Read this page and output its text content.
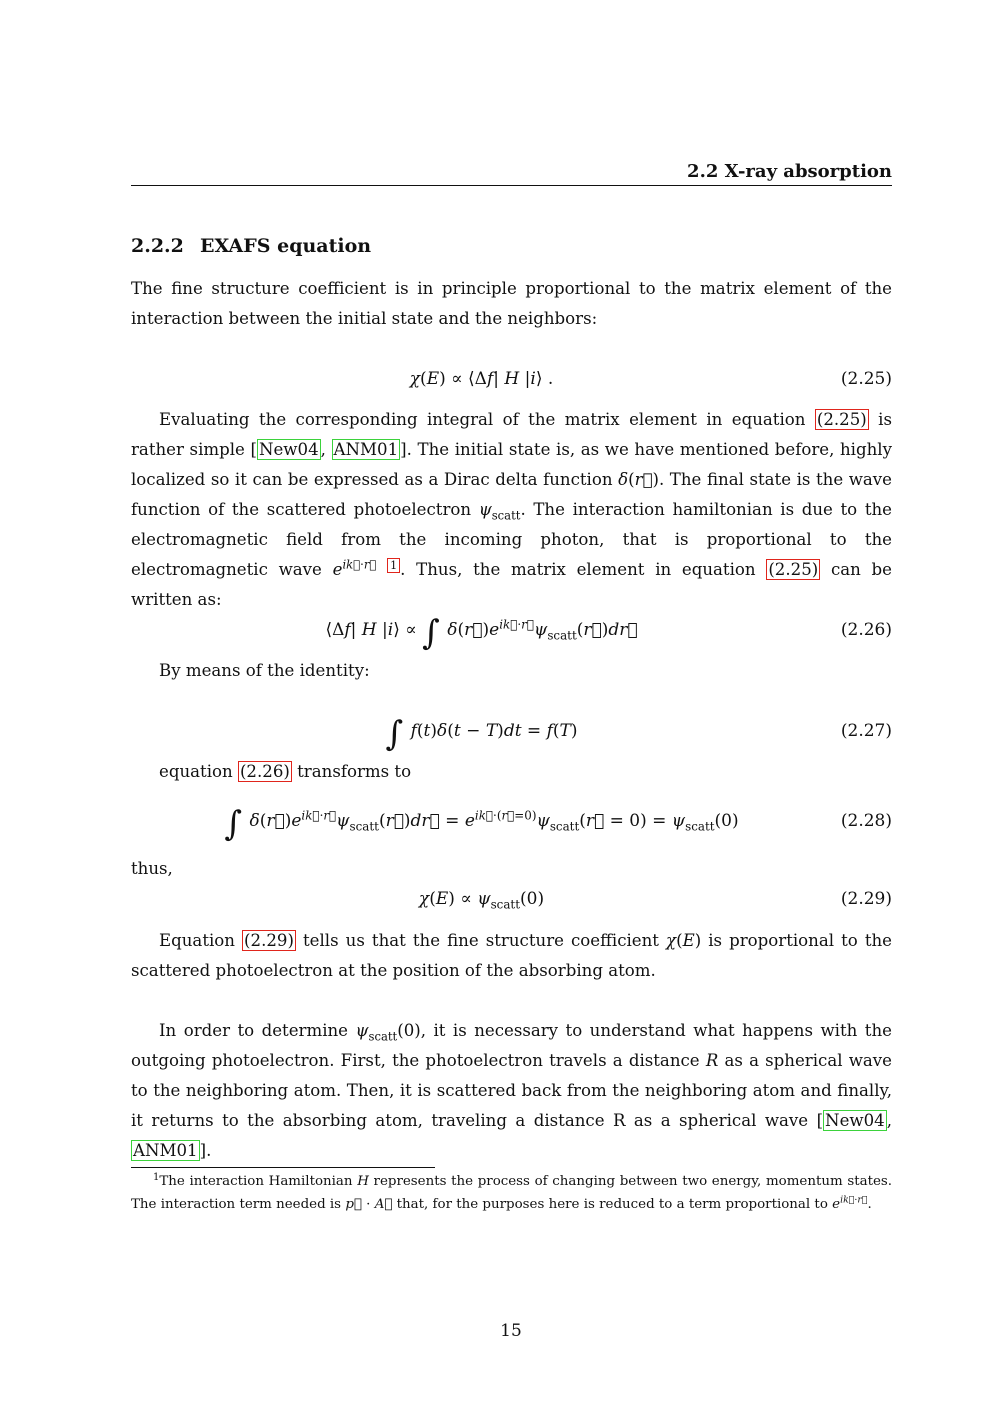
2.2 X-ray absorption
2.2.2 EXAFS equation

The fine structure coefficient is in principle proportional to the matrix element of the interaction between the initial state and the neighbors:

χ(E) ∝ ⟨Δf| H |i⟩ .	(2.25)

Evaluating the corresponding integral of the matrix element in equation (2.25) is rather simple [ New04 , ANM01 ]. The initial state is, as we have mentioned before, highly localized so it can be expressed as a Dirac delta function δ(r⃗). The final state is the wave function of the scattered photoelectron $\psi_{scatt}$. The interaction hamiltonian is due to the electromagnetic field from the incoming photon, that is proportional to the electromagnetic wave $e^{ik⃗\cdot r⃗}$ $^1$ . Thus, the matrix element in equation (2.25) can be written as:

⟨Δf| H |i⟩ ∝ ∫ $\delta(r⃗)e^{ik⃗\cdot r⃗}\psi_{scatt}(r⃗)dr⃗$	(2.26)

By means of the identity:

∫ f(t)δ(t − T)dt = f(T)	(2.27)

equation (2.26) transforms to

∫ $\delta(r⃗)e^{ik⃗\cdot r⃗}\psi_{scatt}(r⃗)dr⃗$ = $e^{ik⃗\cdot(r⃗=0)}\psi_{scatt}(r⃗ = 0) = \psi_{scatt}(0)$	(2.28)

thus,

$\chi(E) \propto \psi_{scatt}(0)$	(2.29)

Equation (2.29) tells us that the fine structure coefficient χ(E) is proportional to the scattered photoelectron at the position of the absorbing atom.

In order to determine $\psi_{scatt}(0)$, it is necessary to understand what happens with the outgoing photoelectron. First, the photoelectron travels a distance R as a spherical wave to the neighboring atom. Then, it is scattered back from the neighboring atom and finally, it returns to the absorbing atom, traveling a distance R as a spherical wave [ New04 , ANM01 ].

$^1$The interaction Hamiltonian H represents the process of changing between two energy, momentum states. The interaction term needed is p⃗ · A⃗ that, for the purposes here is reduced to a term proportional to $e^{ik⃗\cdot r⃗}$.

15
